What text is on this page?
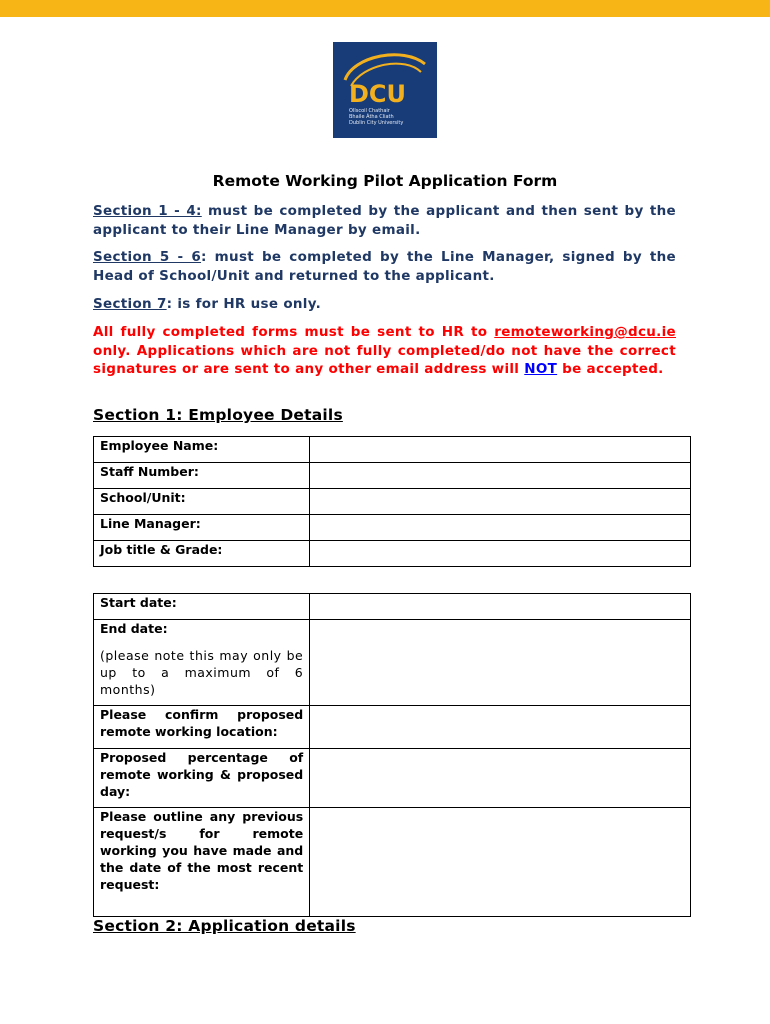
DCU
Ollscoil Chathair
Bhaile Átha Cliath
Dublin City University
Remote Working Pilot Application Form

Section 1 - 4: must be completed by the applicant and then sent by the applicant to their Line Manager by email.

Section 5 - 6: must be completed by the Line Manager, signed by the Head of School/Unit and returned to the applicant.

Section 7: is for HR use only.

All fully completed forms must be sent to HR to remoteworking@dcu.ie only. Applications which are not fully completed/do not have the correct signatures or are sent to any other email address will NOT be accepted.

Section 1: Employee Details
Employee Name:	
Staff Number:	
School/Unit:	
Line Manager:	
Job title & Grade:	
Start date:	
End date:
(please note this may only be up to a maximum of 6 months)	

Please confirm proposed remote working location:	
Proposed percentage of remote working & proposed day:	
Please outline any previous request/s for remote working you have made and the date of the most recent request:	
Section 2: Application details
